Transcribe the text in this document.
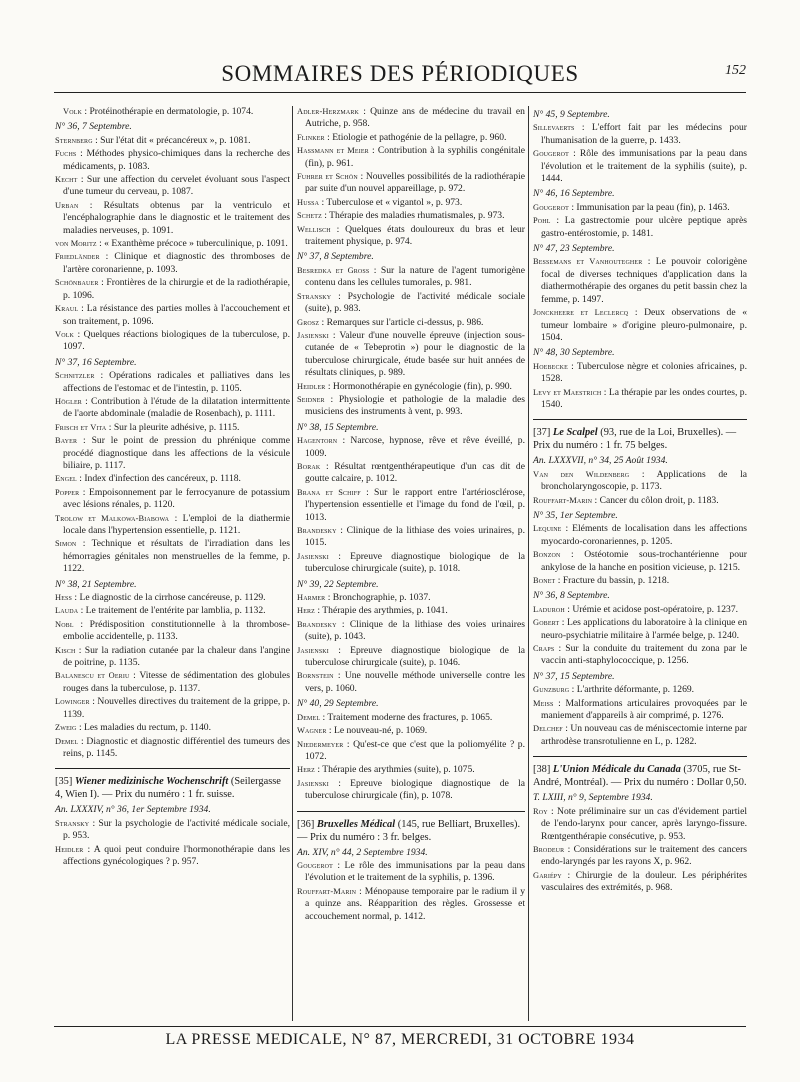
SOMMAIRES DES PÉRIODIQUES	152
Volk : Protéinothérapie en dermatologie, p. 1074.
N° 36, 7 Septembre.
Sternberg : Sur l'état dit « précancéreux », p. 1081.
Fuchs : Méthodes physico-chimiques dans la recherche des médicaments, p. 1083.
Kecht : Sur une affection du cervelet évoluant sous l'aspect d'une tumeur du cerveau, p. 1087.
Urban : Résultats obtenus par la ventriculo et l'encéphalographie dans le diagnostic et le traitement des maladies nerveuses, p. 1091.
von Moritz : « Exanthème précoce » tuberculinique, p. 1091.
Friedländer : Clinique et diagnostic des thromboses de l'artère coronarienne, p. 1093.
Schönbauer : Frontières de la chirurgie et de la radiothérapie, p. 1096.
Kraul : La résistance des parties molles à l'accouchement et son traitement, p. 1096.
Volk : Quelques réactions biologiques de la tuberculose, p. 1097.
N° 37, 16 Septembre.
Schnitzler : Opérations radicales et palliatives dans les affections de l'estomac et de l'intestin, p. 1105.
Högler : Contribution à l'étude de la dilatation intermittente de l'aorte abdominale (maladie de Rosenbach), p. 1111.
Frisch et Vita : Sur la pleurite adhésive, p. 1115.
Bayer : Sur le point de pression du phrénique comme procédé diagnostique dans les affections de la vésicule biliaire, p. 1117.
Engel : Index d'infection des cancéreux, p. 1118.
Popper : Empoisonnement par le ferrocyanure de potassium avec lésions rénales, p. 1120.
Trolow et Malkowa-Biabowa : L'emploi de la diathermie locale dans l'hypertension essentielle, p. 1121.
Simon : Technique et résultats de l'irradiation dans les hémorragies génitales non menstruelles de la femme, p. 1122.
N° 38, 21 Septembre.
Hess : Le diagnostic de la cirrhose cancéreuse, p. 1129.
Lauda : Le traitement de l'entérite par lamblia, p. 1132.
Nobl : Prédisposition constitutionnelle à la thrombose-embolie accidentelle, p. 1133.
Kisch : Sur la radiation cutanée par la chaleur dans l'angine de poitrine, p. 1135.
Balanescu et Oeriu : Vitesse de sédimentation des globules rouges dans la tuberculose, p. 1137.
Lowinger : Nouvelles directives du traitement de la grippe, p. 1139.
Zweig : Les maladies du rectum, p. 1140.
Demel : Diagnostic et diagnostic différentiel des tumeurs des reins, p. 1145.
[35] Wiener medizinische Wochenschrift (Seilergasse 4, Wien I). — Prix du numéro : 1 fr. suisse.
An. LXXXIV, n° 36, 1er Septembre 1934.
Stransky : Sur la psychologie de l'activité médicale sociale, p. 953.
Heidler : A quoi peut conduire l'hormonothérapie dans les affections gynécologiques ? p. 957.
Adler-Herzmark : Quinze ans de médecine du travail en Autriche, p. 958.
Flinker : Etiologie et pathogénie de la pellagre, p. 960.
Hassmann et Meier : Contribution à la syphilis congénitale (fin), p. 961.
Fuhrer et Schön : Nouvelles possibilités de la radiothérapie par suite d'un nouvel appareillage, p. 972.
Hussa : Tuberculose et « vigantol », p. 973.
Schetz : Thérapie des maladies rhumatismales, p. 973.
Wellisch : Quelques états douloureux du bras et leur traitement physique, p. 974.
N° 37, 8 Septembre.
Besredka et Gross : Sur la nature de l'agent tumorigène contenu dans les cellules tumorales, p. 981.
Stransky : Psychologie de l'activité médicale sociale (suite), p. 983.
Grosz : Remarques sur l'article ci-dessus, p. 986.
Jasienski : Valeur d'une nouvelle épreuve (injection sous-cutanée de « Tebeprotin ») pour le diagnostic de la tuberculose chirurgicale, étude basée sur huit années de résultats cliniques, p. 989.
Heidler : Hormonothérapie en gynécologie (fin), p. 990.
Seidner : Physiologie et pathologie de la maladie des musiciens des instruments à vent, p. 993.
N° 38, 15 Septembre.
Hagentorn : Narcose, hypnose, rêve et rêve éveillé, p. 1009.
Borak : Résultat rœntgenthérapeutique d'un cas dit de goutte calcaire, p. 1012.
Brana et Schiff : Sur le rapport entre l'artériosclérose, l'hypertension essentielle et l'image du fond de l'œil, p. 1013.
Brandesky : Clinique de la lithiase des voies urinaires, p. 1015.
Jasienski : Epreuve diagnostique biologique de la tuberculose chirurgicale (suite), p. 1018.
N° 39, 22 Septembre.
Harmer : Bronchographie, p. 1037.
Herz : Thérapie des arythmies, p. 1041.
Brandesky : Clinique de la lithiase des voies urinaires (suite), p. 1043.
Jasienski : Epreuve diagnostique biologique de la tuberculose chirurgicale (suite), p. 1046.
Bornstein : Une nouvelle méthode universelle contre les vers, p. 1060.
N° 40, 29 Septembre.
Demel : Traitement moderne des fractures, p. 1065.
Wagner : Le nouveau-né, p. 1069.
Niedermeyer : Qu'est-ce que c'est que la poliomyélite ? p. 1072.
Herz : Thérapie des arythmies (suite), p. 1075.
Jasienski : Epreuve biologique diagnostique de la tuberculose chirurgicale (fin), p. 1078.
[36] Bruxelles Médical (145, rue Belliart, Bruxelles). — Prix du numéro : 3 fr. belges.
An. XIV, n° 44, 2 Septembre 1934.
Gougerot : Le rôle des immunisations par la peau dans l'évolution et le traitement de la syphilis, p. 1396.
Rouffart-Marin : Ménopause temporaire par le radium il y a quinze ans. Réapparition des règles. Grossesse et accouchement normal, p. 1412.
N° 45, 9 Septembre.
Sillevaerts : L'effort fait par les médecins pour l'humanisation de la guerre, p. 1433.
Gougerot : Rôle des immunisations par la peau dans l'évolution et le traitement de la syphilis (suite), p. 1444.
N° 46, 16 Septembre.
Gougerot : Immunisation par la peau (fin), p. 1463.
Pohl : La gastrectomie pour ulcère peptique après gastro-entérostomie, p. 1481.
N° 47, 23 Septembre.
Bessemans et Vanhoutegher : Le pouvoir colorigène focal de diverses techniques d'application dans la diathermothérapie des organes du petit bassin chez la femme, p. 1497.
Jonckheere et Leclercq : Deux observations de « tumeur lombaire » d'origine pleuro-pulmonaire, p. 1504.
N° 48, 30 Septembre.
Hoebecke : Tuberculose nègre et colonies africaines, p. 1528.
Levy et Maestrich : La thérapie par les ondes courtes, p. 1540.
[37] Le Scalpel (93, rue de la Loi, Bruxelles). — Prix du numéro : 1 fr. 75 belges.
An. LXXXVII, n° 34, 25 Août 1934.
Van den Wildenberg : Applications de la broncholaryngoscopie, p. 1173.
Rouffart-Marin : Cancer du côlon droit, p. 1183.
N° 35, 1er Septembre.
Lequine : Eléments de localisation dans les affections myocardo-coronariennes, p. 1205.
Bonzon : Ostéotomie sous-trochantérienne pour ankylose de la hanche en position vicieuse, p. 1215.
Bonet : Fracture du bassin, p. 1218.
N° 36, 8 Septembre.
Ladurон : Urémie et acidose post-opératoire, p. 1237.
Gobert : Les applications du laboratoire à la clinique en neuro-psychiatrie militaire à l'armée belge, p. 1240.
Craps : Sur la conduite du traitement du zona par le vaccin anti-staphylococcique, p. 1256.
N° 37, 15 Septembre.
Gunzburg : L'arthrite déformante, p. 1269.
Meiss : Malformations articulaires provoquées par le maniement d'appareils à air comprimé, p. 1276.
Delchef : Un nouveau cas de méniscectomie interne par arthrodèse transrotulienne en L, p. 1282.
[38] L'Union Médicale du Canada (3705, rue St-André, Montréal). — Prix du numéro : Dollar 0,50.
T. LXIII, n° 9, Septembre 1934.
Roy : Note préliminaire sur un cas d'évidement partiel de l'endo-larynx pour cancer, après laryngo-fissure. Rœntgenthérapie consécutive, p. 953.
Brodeur : Considérations sur le traitement des cancers endo-laryngés par les rayons X, p. 962.
Gariépy : Chirurgie de la douleur. Les périphérites vasculaires des extrémités, p. 968.
LA PRESSE MEDICALE, N° 87, MERCREDI, 31 OCTOBRE 1934
